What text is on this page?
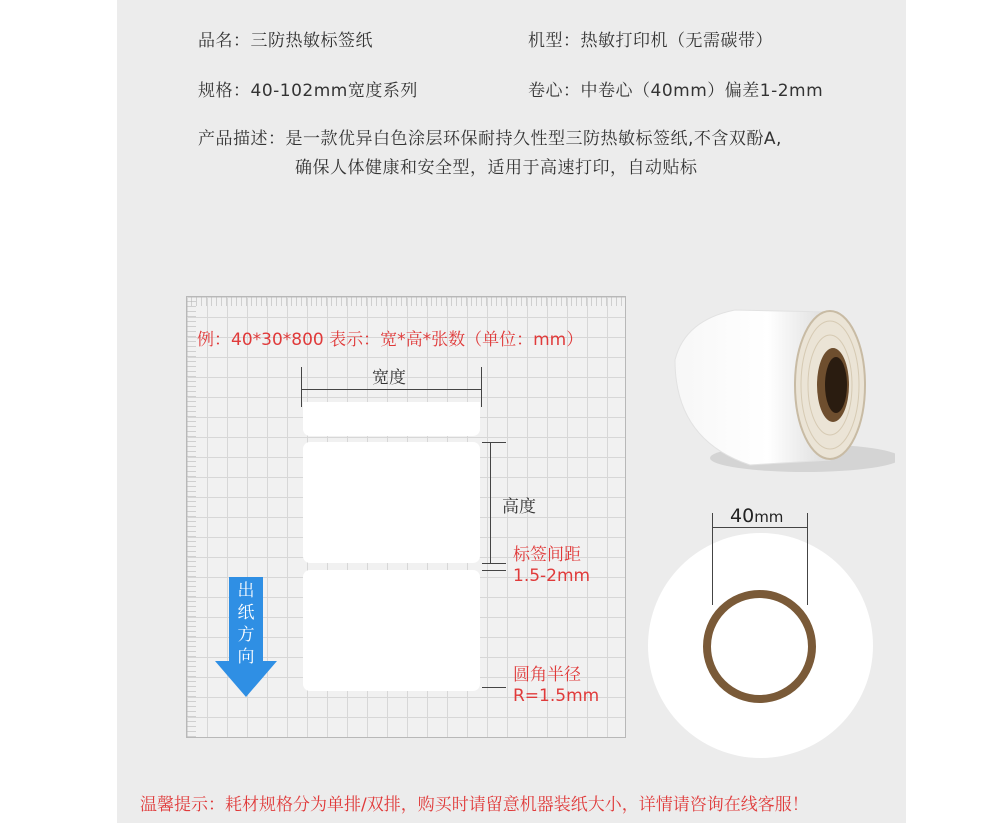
品名：三防热敏标签纸	机型：热敏打印机（无需碳带）
规格：40-102mm宽度系列	卷心：中卷心（40mm）偏差1-2mm
产品描述：是一款优异白色涂层环保耐持久性型三防热敏标签纸,不含双酚A,
确保人体健康和安全型，适用于高速打印，自动贴标
例：40*30*800 表示：宽*高*张数（单位：mm）
宽度
高度
标签间距
1.5-2mm
圆角半径
R=1.5mm
出
纸
方
向
40mm
温馨提示：耗材规格分为单排/双排，购买时请留意机器装纸大小，详情请咨询在线客服！
